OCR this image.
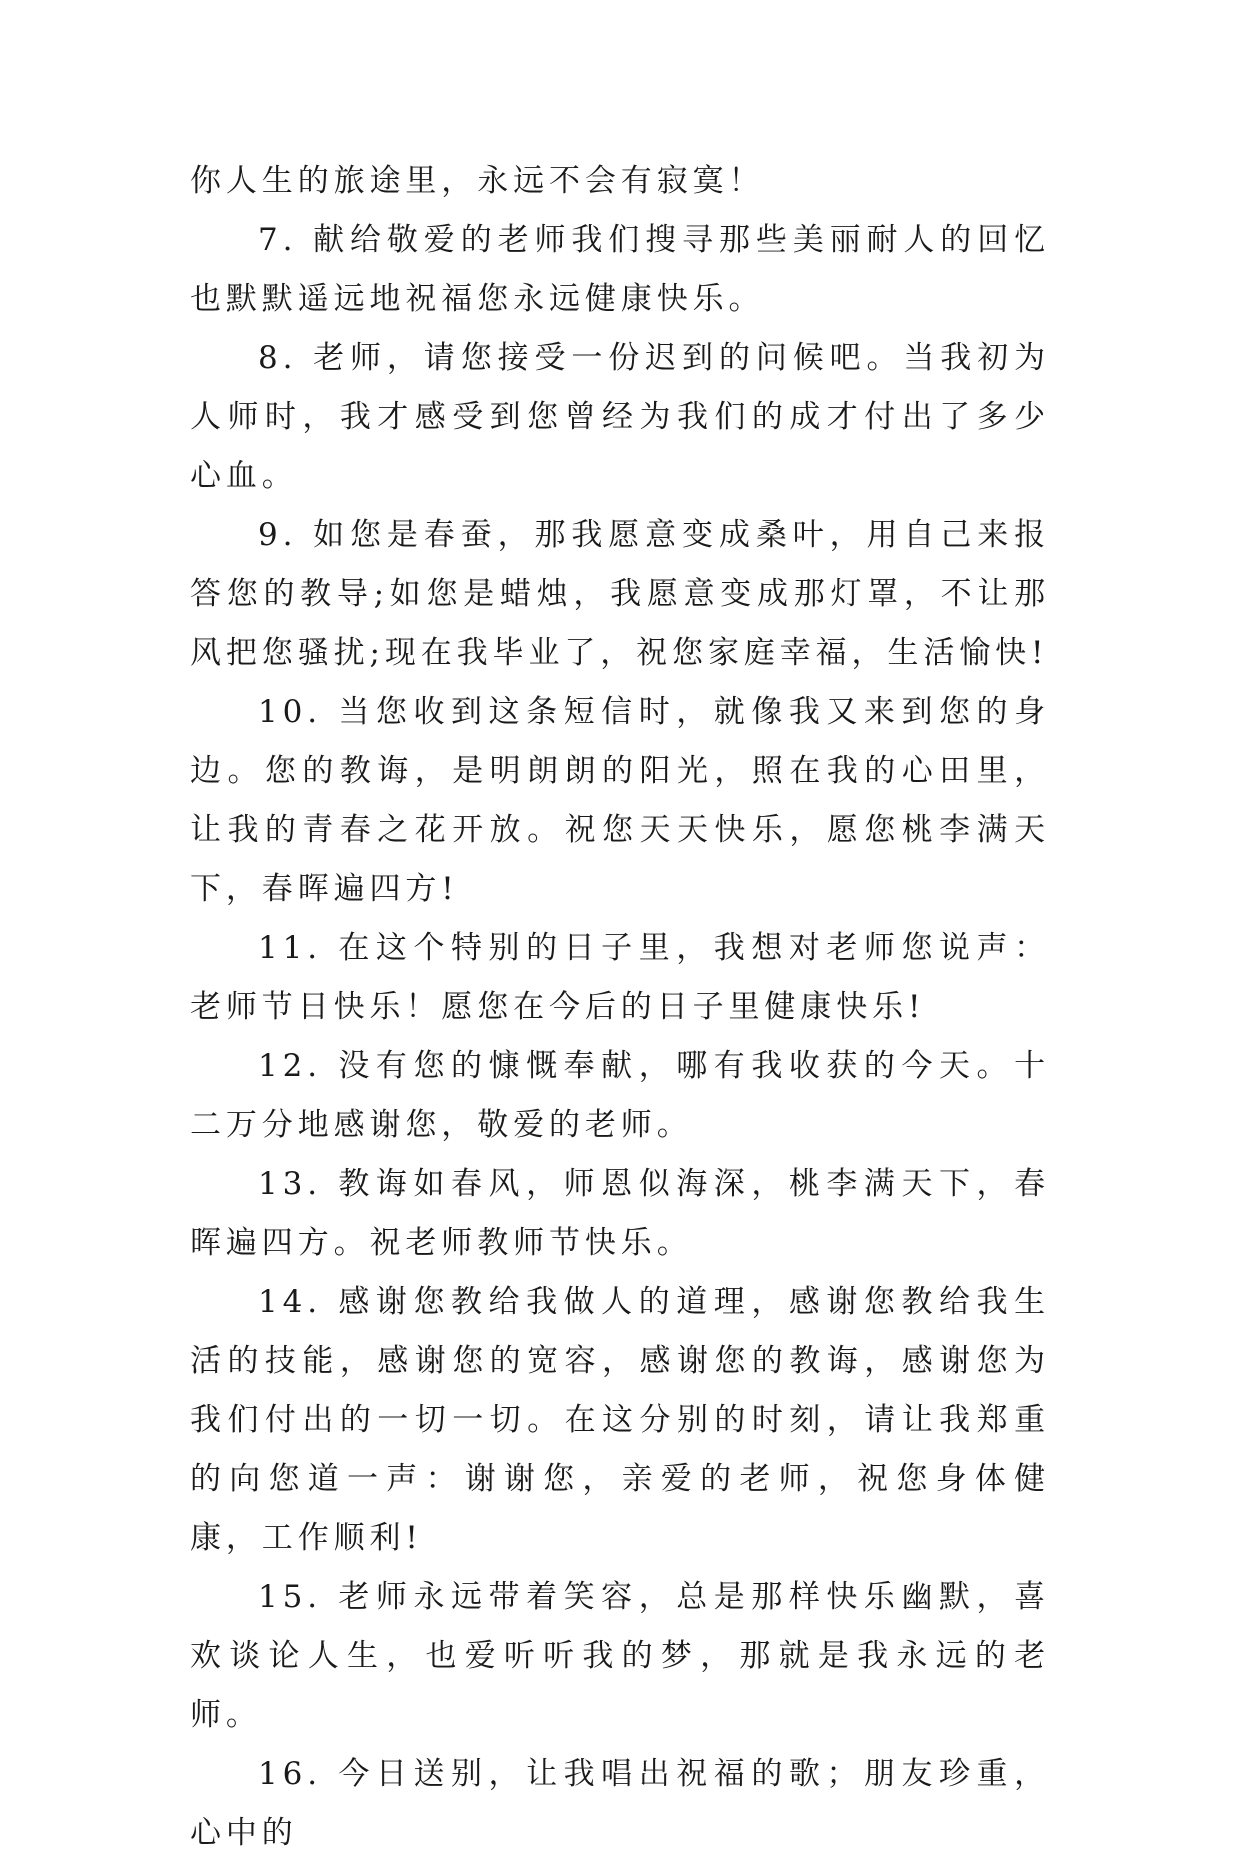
你人生的旅途里，永远不会有寂寞！

7. 献给敬爱的老师我们搜寻那些美丽耐人的回忆也默默遥远地祝福您永远健康快乐。

8. 老师，请您接受一份迟到的问候吧。当我初为人师时，我才感受到您曾经为我们的成才付出了多少心血。

9. 如您是春蚕，那我愿意变成桑叶，用自己来报答您的教导;如您是蜡烛，我愿意变成那灯罩，不让那风把您骚扰;现在我毕业了，祝您家庭幸福，生活愉快!

10. 当您收到这条短信时，就像我又来到您的身边。您的教诲，是明朗朗的阳光，照在我的心田里，让我的青春之花开放。祝您天天快乐，愿您桃李满天下，春晖遍四方!

11. 在这个特别的日子里，我想对老师您说声：老师节日快乐！愿您在今后的日子里健康快乐!

12. 没有您的慷慨奉献，哪有我收获的今天。十二万分地感谢您，敬爱的老师。

13. 教诲如春风，师恩似海深，桃李满天下，春晖遍四方。祝老师教师节快乐。

14. 感谢您教给我做人的道理，感谢您教给我生活的技能，感谢您的宽容，感谢您的教诲，感谢您为我们付出的一切一切。在这分别的时刻，请让我郑重的向您道一声：谢谢您，亲爱的老师，祝您身体健康，工作顺利!

15. 老师永远带着笑容，总是那样快乐幽默，喜欢谈论人生，也爱听听我的梦，那就是我永远的老师。

16. 今日送别，让我唱出祝福的歌；朋友珍重，心中的
